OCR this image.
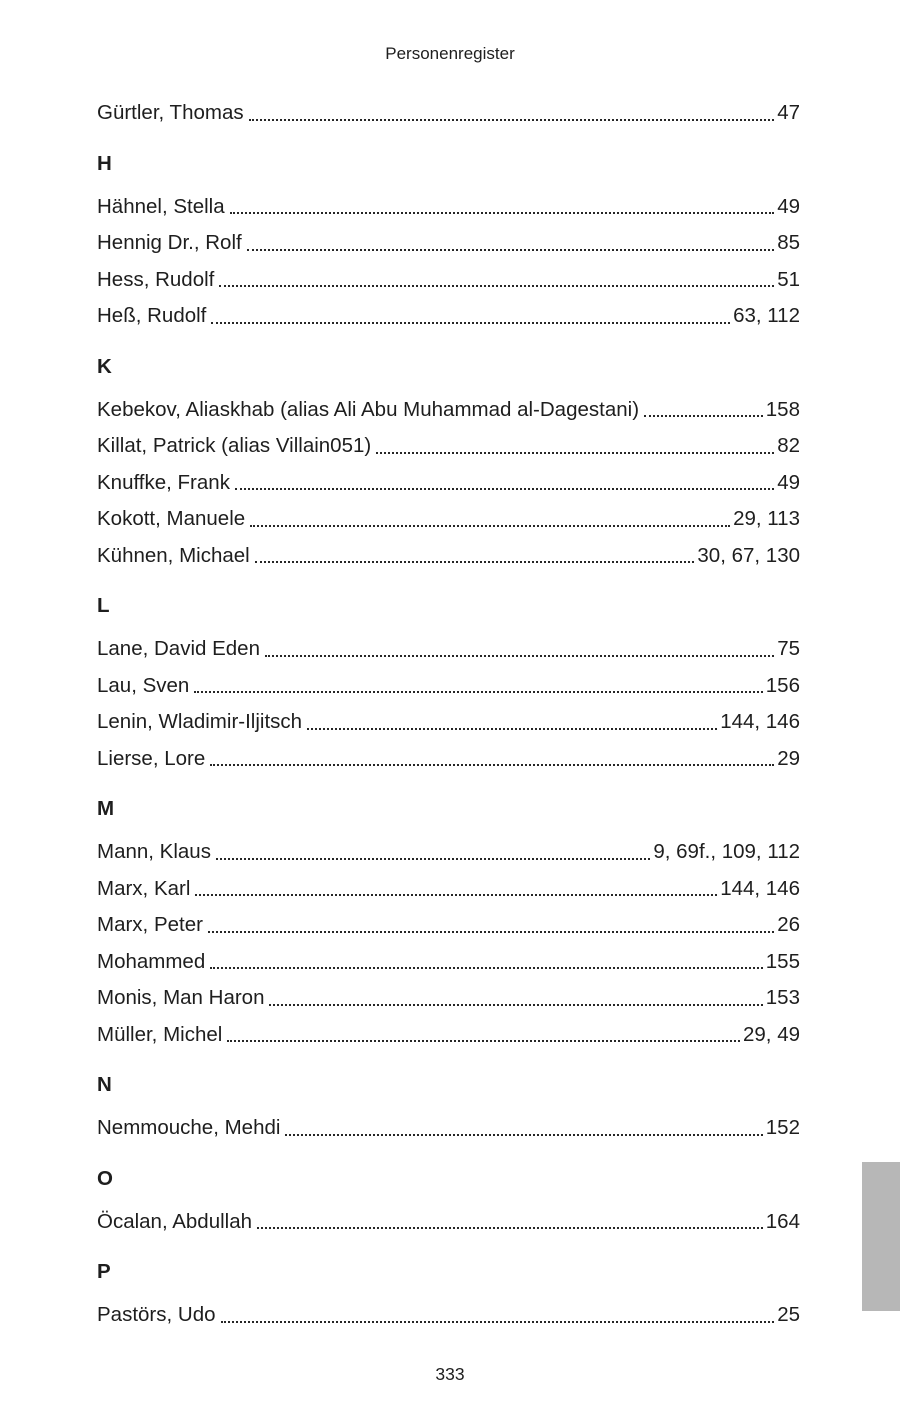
Personenregister
Gürtler, Thomas	47
H
Hähnel, Stella	49
Hennig Dr., Rolf	85
Hess, Rudolf	51
Heß, Rudolf	63, 112
K
Kebekov, Aliaskhab (alias Ali Abu Muhammad al-Dagestani)	158
Killat, Patrick (alias Villain051)	82
Knuffke, Frank	49
Kokott, Manuele	29, 113
Kühnen, Michael	30, 67, 130
L
Lane, David Eden	75
Lau, Sven	156
Lenin, Wladimir-Iljitsch	144, 146
Lierse, Lore	29
M
Mann, Klaus	9, 69f., 109, 112
Marx, Karl	144, 146
Marx, Peter	26
Mohammed	155
Monis, Man Haron	153
Müller, Michel	29, 49
N
Nemmouche, Mehdi	152
O
Öcalan, Abdullah	164
P
Pastörs, Udo	25
333
